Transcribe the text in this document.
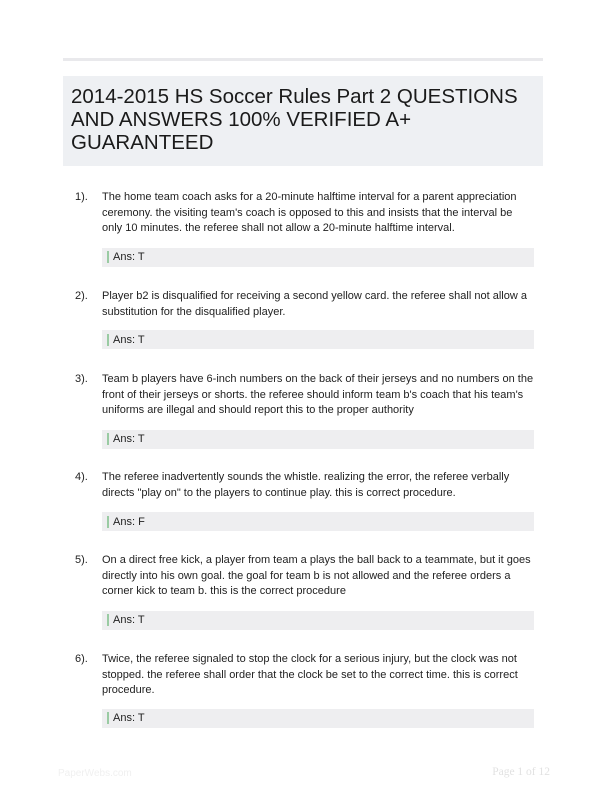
2014-2015 HS Soccer Rules Part 2 QUESTIONS AND ANSWERS 100% VERIFIED A+ GUARANTEED
1).	The home team coach asks for a 20-minute halftime interval for a parent appreciation ceremony. the visiting team's coach is opposed to this and insists that the interval be only 10 minutes. the referee shall not allow a 20-minute halftime interval.
Ans: T
2).	Player b2 is disqualified for receiving a second yellow card. the referee shall not allow a substitution for the disqualified player.
Ans: T
3).	Team b players have 6-inch numbers on the back of their jerseys and no numbers on the front of their jerseys or shorts. the referee should inform team b's coach that his team's uniforms are illegal and should report this to the proper authority
Ans: T
4).	The referee inadvertently sounds the whistle. realizing the error, the referee verbally directs "play on" to the players to continue play. this is correct procedure.
Ans: F
5).	On a direct free kick, a player from team a plays the ball back to a teammate, but it goes directly into his own goal. the goal for team b is not allowed and the referee orders a corner kick to team b. this is the correct procedure
Ans: T
6).	Twice, the referee signaled to stop the clock for a serious injury, but the clock was not stopped. the referee shall order that the clock be set to the correct time. this is correct procedure.
Ans: T
PaperWebs.com	Page 1 of 12
